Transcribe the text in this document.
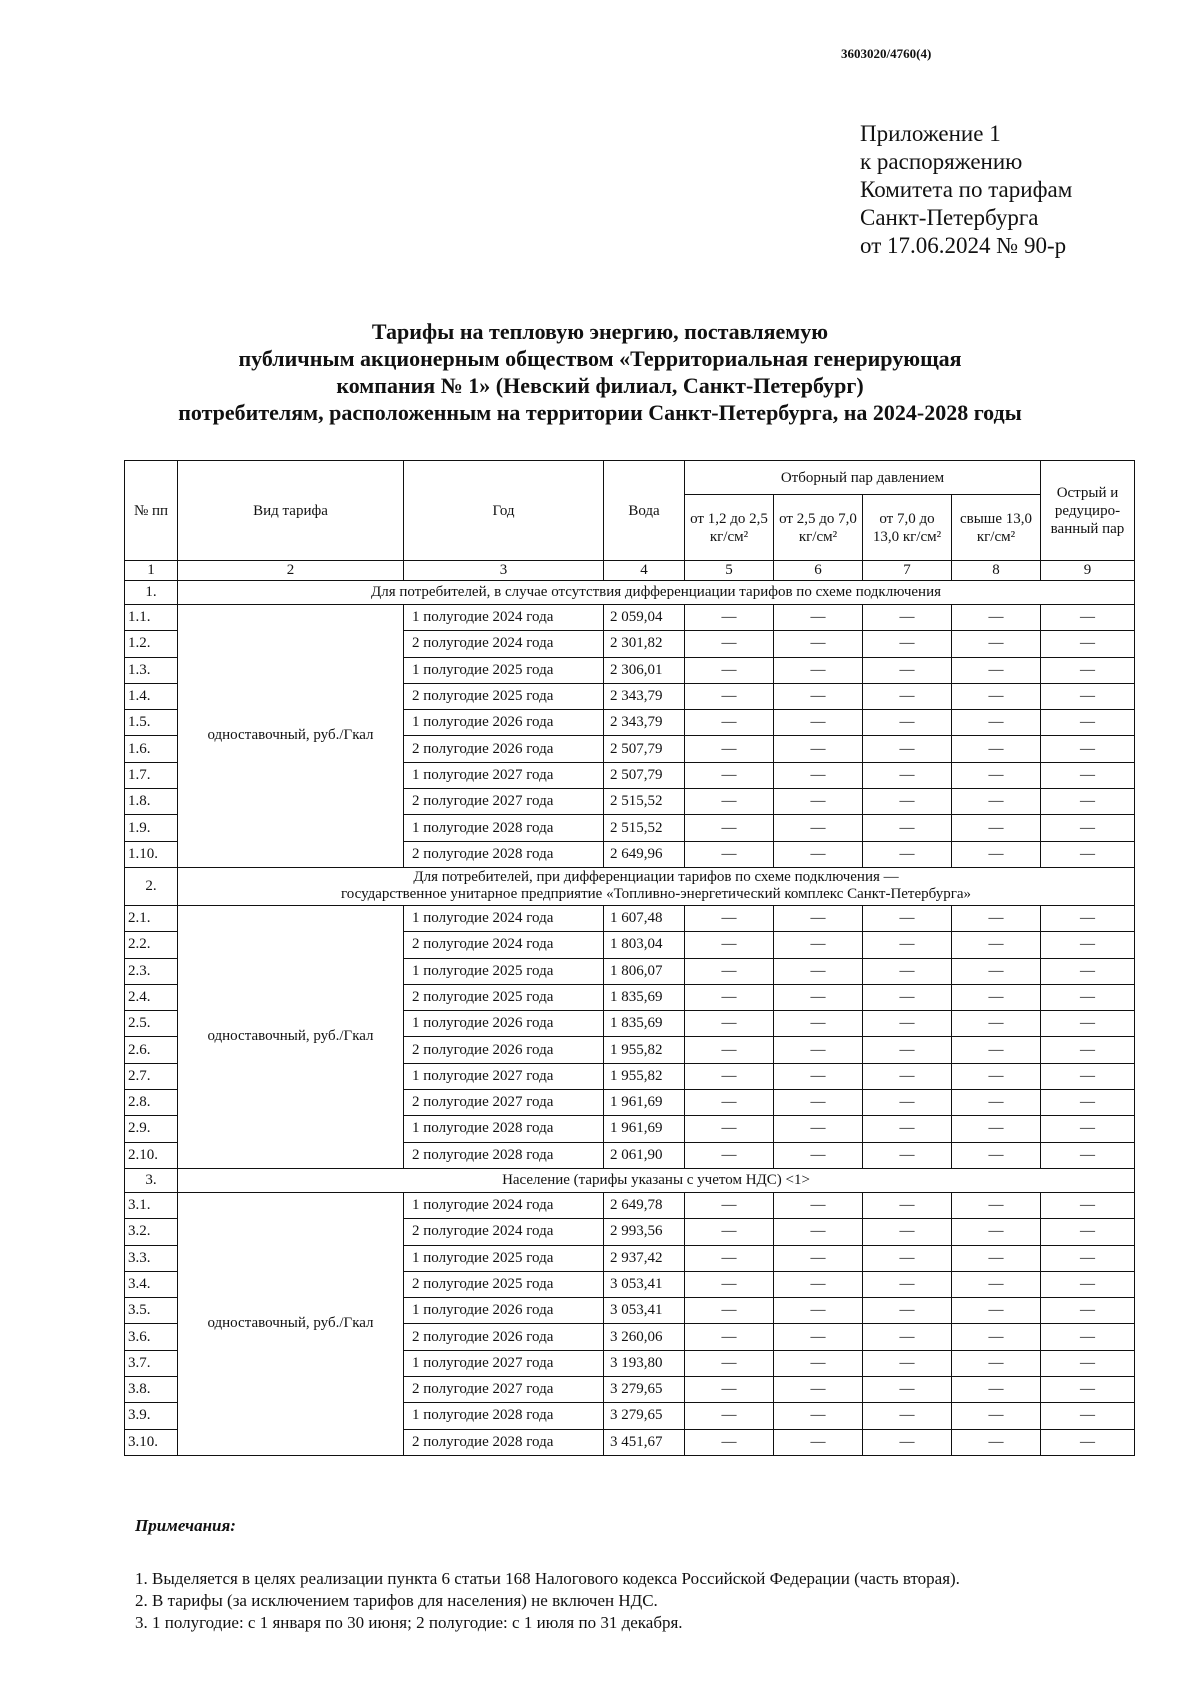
3603020/4760(4)
Приложение 1
к распоряжению
Комитета по тарифам
Санкт-Петербурга
от 17.06.2024 № 90-р
Тарифы на тепловую энергию, поставляемую
публичным акционерным обществом «Территориальная генерирующая
компания № 1» (Невский филиал, Санкт-Петербург)
потребителям, расположенным на территории Санкт-Петербурга, на 2024-2028 годы
№ пп	Вид тарифа	Год	Вода	Отборный пар давлением				Острый и редуциро-ванный пар
				от 1,2 до 2,5 кг/см²	от 2,5 до 7,0 кг/см²	от 7,0 до 13,0 кг/см²	свыше 13,0 кг/см²	
1	2	3	4	5	6	7	8	9
1.	Для потребителей, в случае отсутствия дифференциации тарифов по схеме подключения							
1.1.	одноставочный, руб./Гкал	1 полугодие 2024 года	2 059,04	—	—	—	—	—
1.2.		2 полугодие 2024 года	2 301,82	—	—	—	—	—
1.3.		1 полугодие 2025 года	2 306,01	—	—	—	—	—
1.4.		2 полугодие 2025 года	2 343,79	—	—	—	—	—
1.5.		1 полугодие 2026 года	2 343,79	—	—	—	—	—
1.6.		2 полугодие 2026 года	2 507,79	—	—	—	—	—
1.7.		1 полугодие 2027 года	2 507,79	—	—	—	—	—
1.8.		2 полугодие 2027 года	2 515,52	—	—	—	—	—
1.9.		1 полугодие 2028 года	2 515,52	—	—	—	—	—
1.10.		2 полугодие 2028 года	2 649,96	—	—	—	—	—
2.	Для потребителей, при дифференциации тарифов по схеме подключения —
государственное унитарное предприятие «Топливно-энергетический комплекс Санкт-Петербурга»							

2.1.	одноставочный, руб./Гкал	1 полугодие 2024 года	1 607,48	—	—	—	—	—
2.2.		2 полугодие 2024 года	1 803,04	—	—	—	—	—
2.3.		1 полугодие 2025 года	1 806,07	—	—	—	—	—
2.4.		2 полугодие 2025 года	1 835,69	—	—	—	—	—
2.5.		1 полугодие 2026 года	1 835,69	—	—	—	—	—
2.6.		2 полугодие 2026 года	1 955,82	—	—	—	—	—
2.7.		1 полугодие 2027 года	1 955,82	—	—	—	—	—
2.8.		2 полугодие 2027 года	1 961,69	—	—	—	—	—
2.9.		1 полугодие 2028 года	1 961,69	—	—	—	—	—
2.10.		2 полугодие 2028 года	2 061,90	—	—	—	—	—
3.	Население (тарифы указаны с учетом НДС) <1>							
3.1.	одноставочный, руб./Гкал	1 полугодие 2024 года	2 649,78	—	—	—	—	—
3.2.		2 полугодие 2024 года	2 993,56	—	—	—	—	—
3.3.		1 полугодие 2025 года	2 937,42	—	—	—	—	—
3.4.		2 полугодие 2025 года	3 053,41	—	—	—	—	—
3.5.		1 полугодие 2026 года	3 053,41	—	—	—	—	—
3.6.		2 полугодие 2026 года	3 260,06	—	—	—	—	—
3.7.		1 полугодие 2027 года	3 193,80	—	—	—	—	—
3.8.		2 полугодие 2027 года	3 279,65	—	—	—	—	—
3.9.		1 полугодие 2028 года	3 279,65	—	—	—	—	—
3.10.		2 полугодие 2028 года	3 451,67	—	—	—	—	—
Примечания:
1. Выделяется в целях реализации пункта 6 статьи 168 Налогового кодекса Российской Федерации (часть вторая).
2. В тарифы (за исключением тарифов для населения) не включен НДС.
3. 1 полугодие: с 1 января по 30 июня; 2 полугодие: с 1 июля по 31 декабря.
